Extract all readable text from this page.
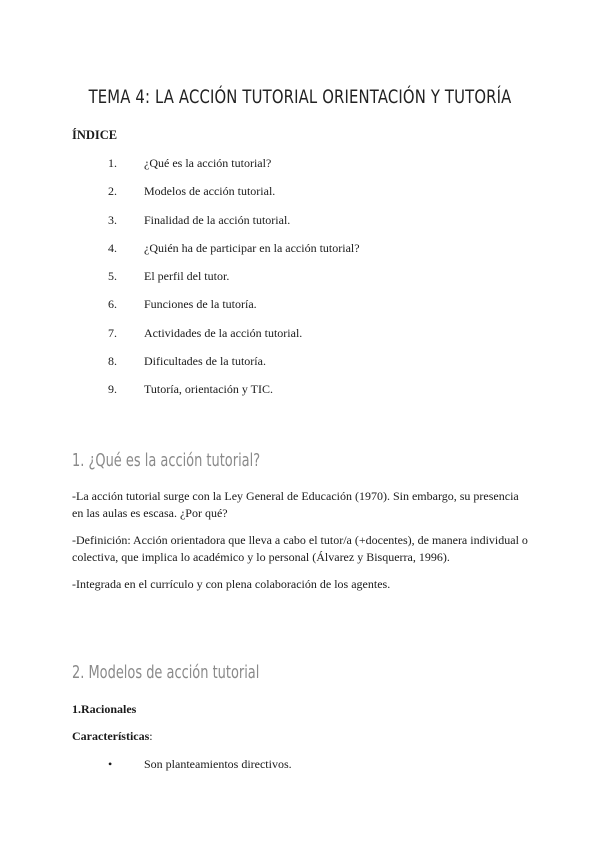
TEMA 4: LA ACCIÓN TUTORIAL ORIENTACIÓN Y TUTORÍA
ÍNDICE
1. ¿Qué es la acción tutorial?
2. Modelos de acción tutorial.
3. Finalidad de la acción tutorial.
4. ¿Quién ha de participar en la acción tutorial?
5. El perfil del tutor.
6. Funciones de la tutoría.
7. Actividades de la acción tutorial.
8. Dificultades de la tutoría.
9. Tutoría, orientación y TIC.
1. ¿Qué es la acción tutorial?

-La acción tutorial surge con la Ley General de Educación (1970). Sin embargo, su presencia en las aulas es escasa. ¿Por qué?

-Definición: Acción orientadora que lleva a cabo el tutor/a (+docentes), de manera individual o colectiva, que implica lo académico y lo personal (Álvarez y Bisquerra, 1996).

-Integrada en el currículo y con plena colaboración de los agentes.

2. Modelos de acción tutorial
1.Racionales
Características:
•	Son planteamientos directivos.
